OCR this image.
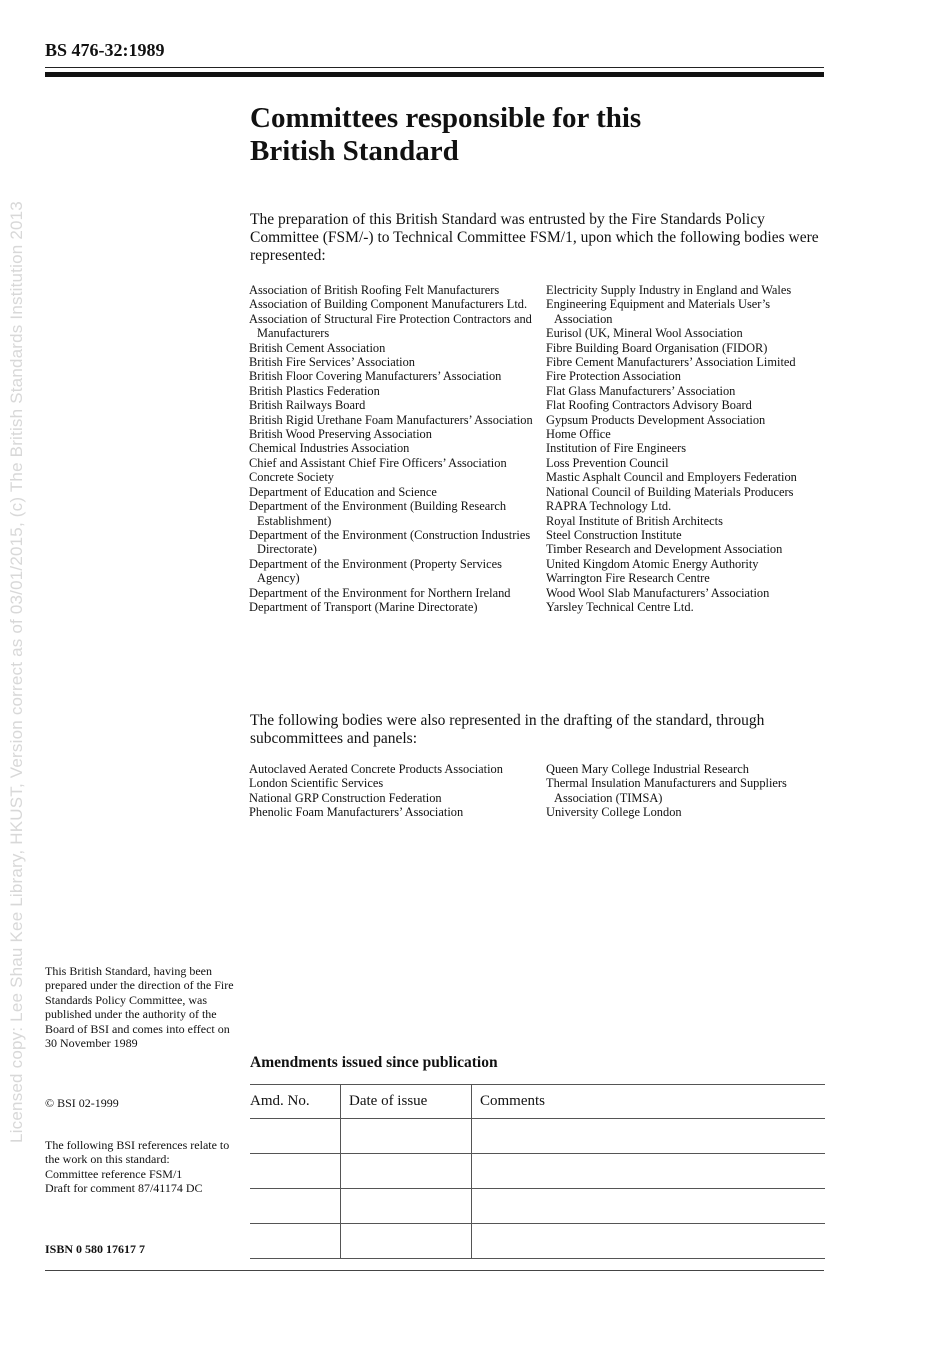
Licensed copy: Lee Shau Kee Library, HKUST, Version correct as of 03/01/2015, (c) The British Standards Institution 2013
BS 476-32:1989
Committees responsible for this
British Standard
The preparation of this British Standard was entrusted by the Fire Standards Policy Committee (FSM/-) to Technical Committee FSM/1, upon which the following bodies were represented:
Association of British Roofing Felt Manufacturers
Association of Building Component Manufacturers Ltd.
Association of Structural Fire Protection Contractors and Manufacturers
British Cement Association
British Fire Services’ Association
British Floor Covering Manufacturers’ Association
British Plastics Federation
British Railways Board
British Rigid Urethane Foam Manufacturers’ Association
British Wood Preserving Association
Chemical Industries Association
Chief and Assistant Chief Fire Officers’ Association
Concrete Society
Department of Education and Science
Department of the Environment (Building Research Establishment)
Department of the Environment (Construction Industries Directorate)
Department of the Environment (Property Services Agency)
Department of the Environment for Northern Ireland
Department of Transport (Marine Directorate)
Electricity Supply Industry in England and Wales
Engineering Equipment and Materials User’s Association
Eurisol (UK, Mineral Wool Association
Fibre Building Board Organisation (FIDOR)
Fibre Cement Manufacturers’ Association Limited
Fire Protection Association
Flat Glass Manufacturers’ Association
Flat Roofing Contractors Advisory Board
Gypsum Products Development Association
Home Office
Institution of Fire Engineers
Loss Prevention Council
Mastic Asphalt Council and Employers Federation
National Council of Building Materials Producers
RAPRA Technology Ltd.
Royal Institute of British Architects
Steel Construction Institute
Timber Research and Development Association
United Kingdom Atomic Energy Authority
Warrington Fire Research Centre
Wood Wool Slab Manufacturers’ Association
Yarsley Technical Centre Ltd.
The following bodies were also represented in the drafting of the standard, through subcommittees and panels:
Autoclaved Aerated Concrete Products Association
London Scientific Services
National GRP Construction Federation
Phenolic Foam Manufacturers’ Association
Queen Mary College Industrial Research
Thermal Insulation Manufacturers and Suppliers Association (TIMSA)
University College London
This British Standard, having been prepared under the direction of the Fire Standards Policy Committee, was published under the authority of the Board of BSI and comes into effect on 30 November 1989
© BSI 02-1999
The following BSI references relate to the work on this standard:
Committee reference FSM/1
Draft for comment 87/41174 DC
ISBN 0 580 17617 7
Amendments issued since publication
Amd. No.	Date of issue	Comments
